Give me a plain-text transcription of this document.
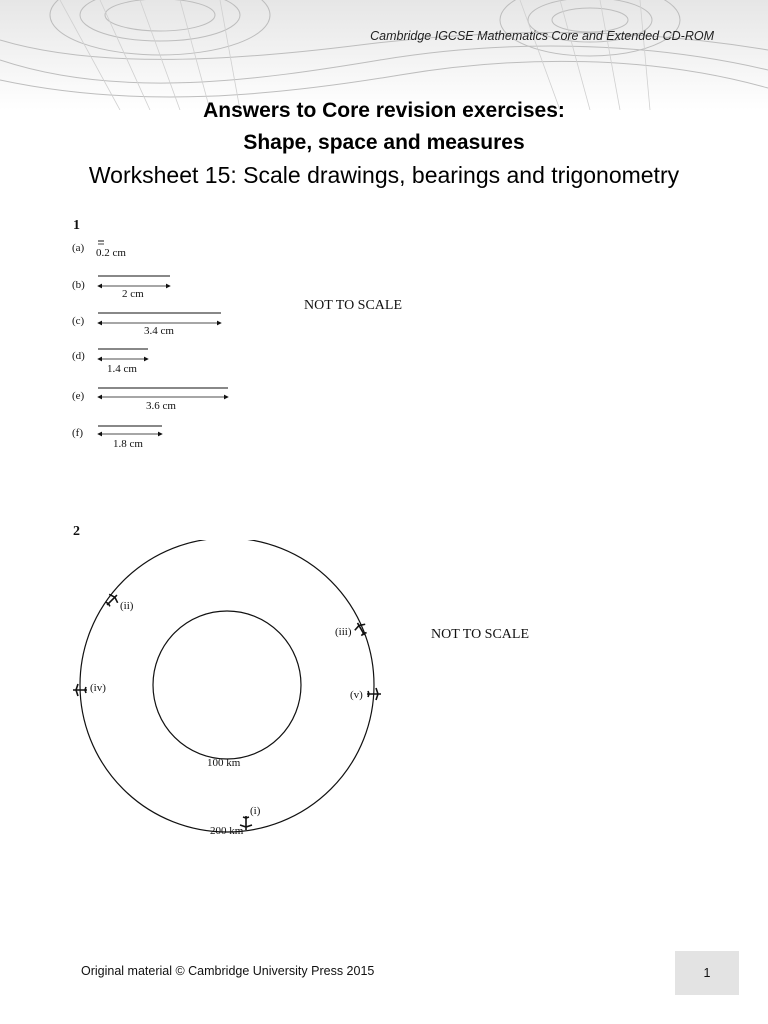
Cambridge IGCSE Mathematics Core and Extended CD-ROM
Answers to Core revision exercises:
Shape, space and measures
Worksheet 15: Scale drawings, bearings and trigonometry
1
NOT TO SCALE
(a) 0.2 cm
(b)
2 cm
(c)
3.4 cm
(d)
1.4 cm
(e)
3.6 cm
(f)
1.8 cm
2
NOT TO SCALE
100 km
200 km
(i)
(ii)
(iii)
(iv)
(v)
Original material © Cambridge University Press 2015	1
